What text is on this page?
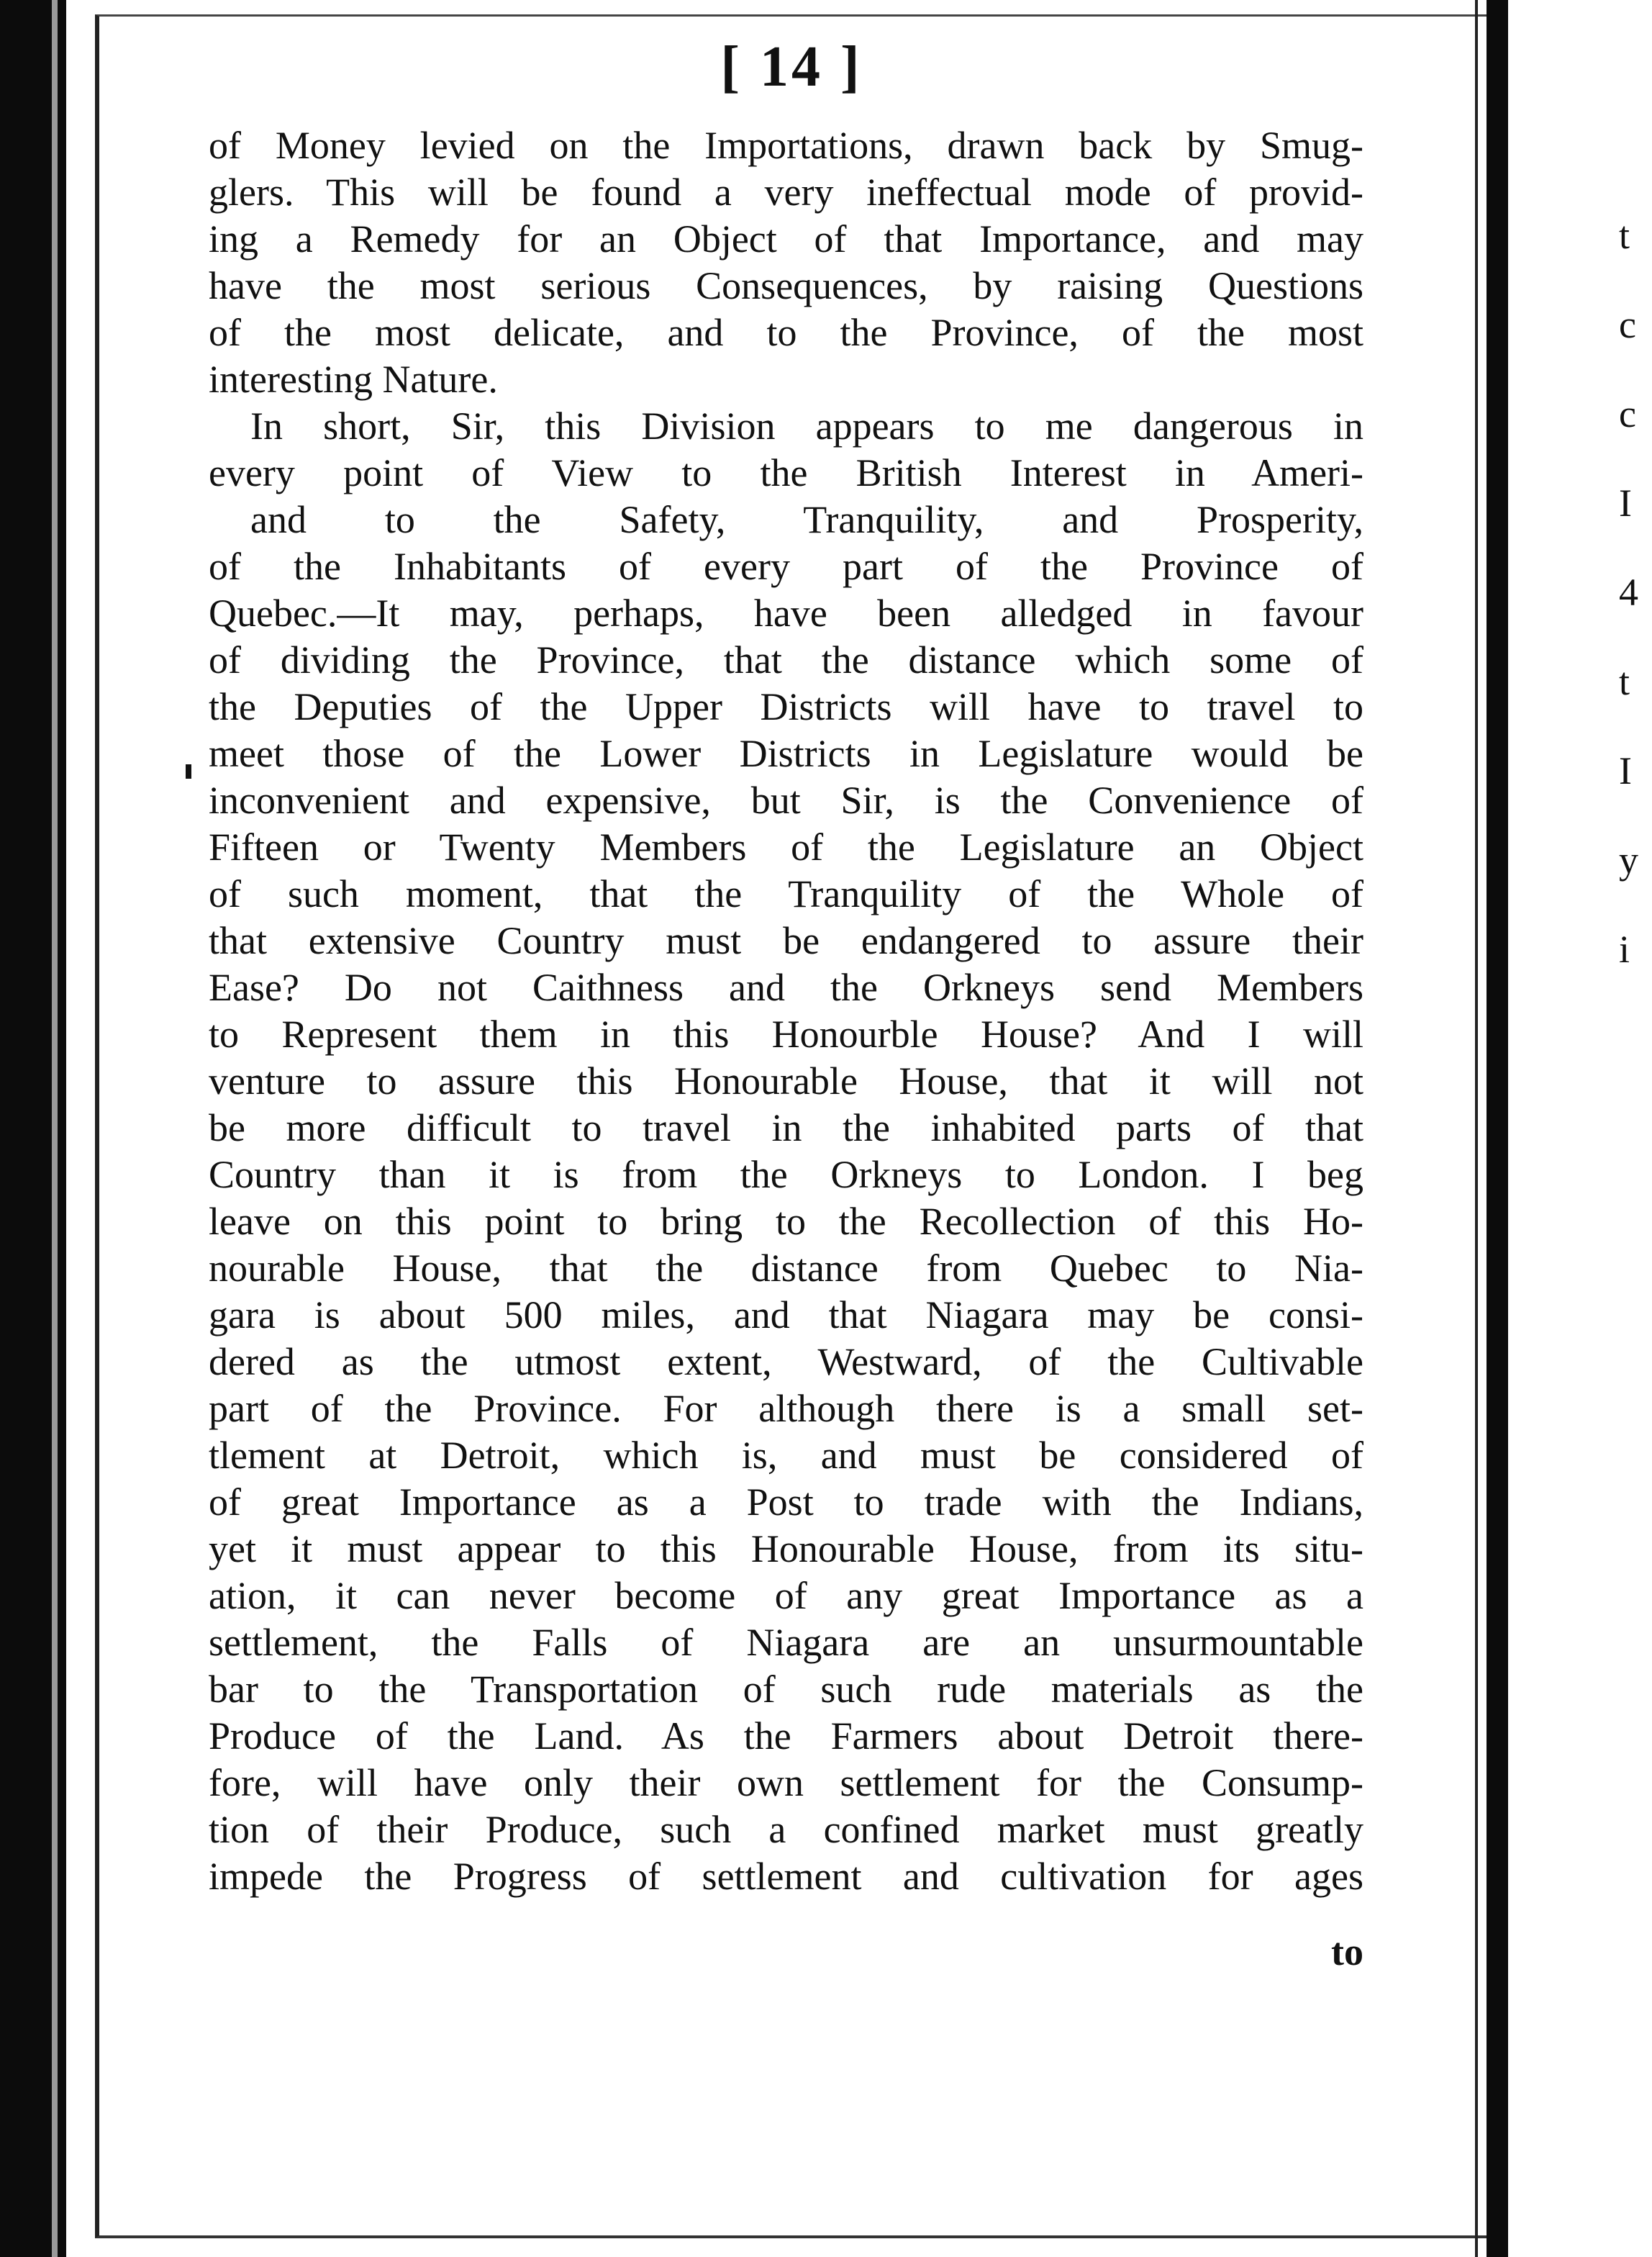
t
c
c
I
4
t
I
y
i
[ 14 ]
of Money levied on the Importations, drawn back by Smug-
glers. This will be found a very ineffectual mode of provid-
ing a Remedy for an Object of that Importance, and may
have the most serious Consequences, by raising Questions
of the most delicate, and to the Province, of the most
interesting Nature.
In short, Sir, this Division appears to me dangerous in
every point of View to the British Interest in Ameri-
and to the Safety, Tranquility, and Prosperity,
of the Inhabitants of every part of the Province of
Quebec.—It may, perhaps, have been alledged in favour
of dividing the Province, that the distance which some of
the Deputies of the Upper Districts will have to travel to
meet those of the Lower Districts in Legislature would be
inconvenient and expensive, but Sir, is the Convenience of
Fifteen or Twenty Members of the Legislature an Object
of such moment, that the Tranquility of the Whole of
that extensive Country must be endangered to assure their
Ease? Do not Caithness and the Orkneys send Members
to Represent them in this Honourble House? And I will
venture to assure this Honourable House, that it will not
be more difficult to travel in the inhabited parts of that
Country than it is from the Orkneys to London. I beg
leave on this point to bring to the Recollection of this Ho-
nourable House, that the distance from Quebec to Nia-
gara is about 500 miles, and that Niagara may be consi-
dered as the utmost extent, Westward, of the Cultivable
part of the Province. For although there is a small set-
tlement at Detroit, which is, and must be considered of
of great Importance as a Post to trade with the Indians,
yet it must appear to this Honourable House, from its situ-
ation, it can never become of any great Importance as a
settlement, the Falls of Niagara are an unsurmountable
bar to the Transportation of such rude materials as the
Produce of the Land. As the Farmers about Detroit there-
fore, will have only their own settlement for the Consump-
tion of their Produce, such a confined market must greatly
impede the Progress of settlement and cultivation for ages
to
